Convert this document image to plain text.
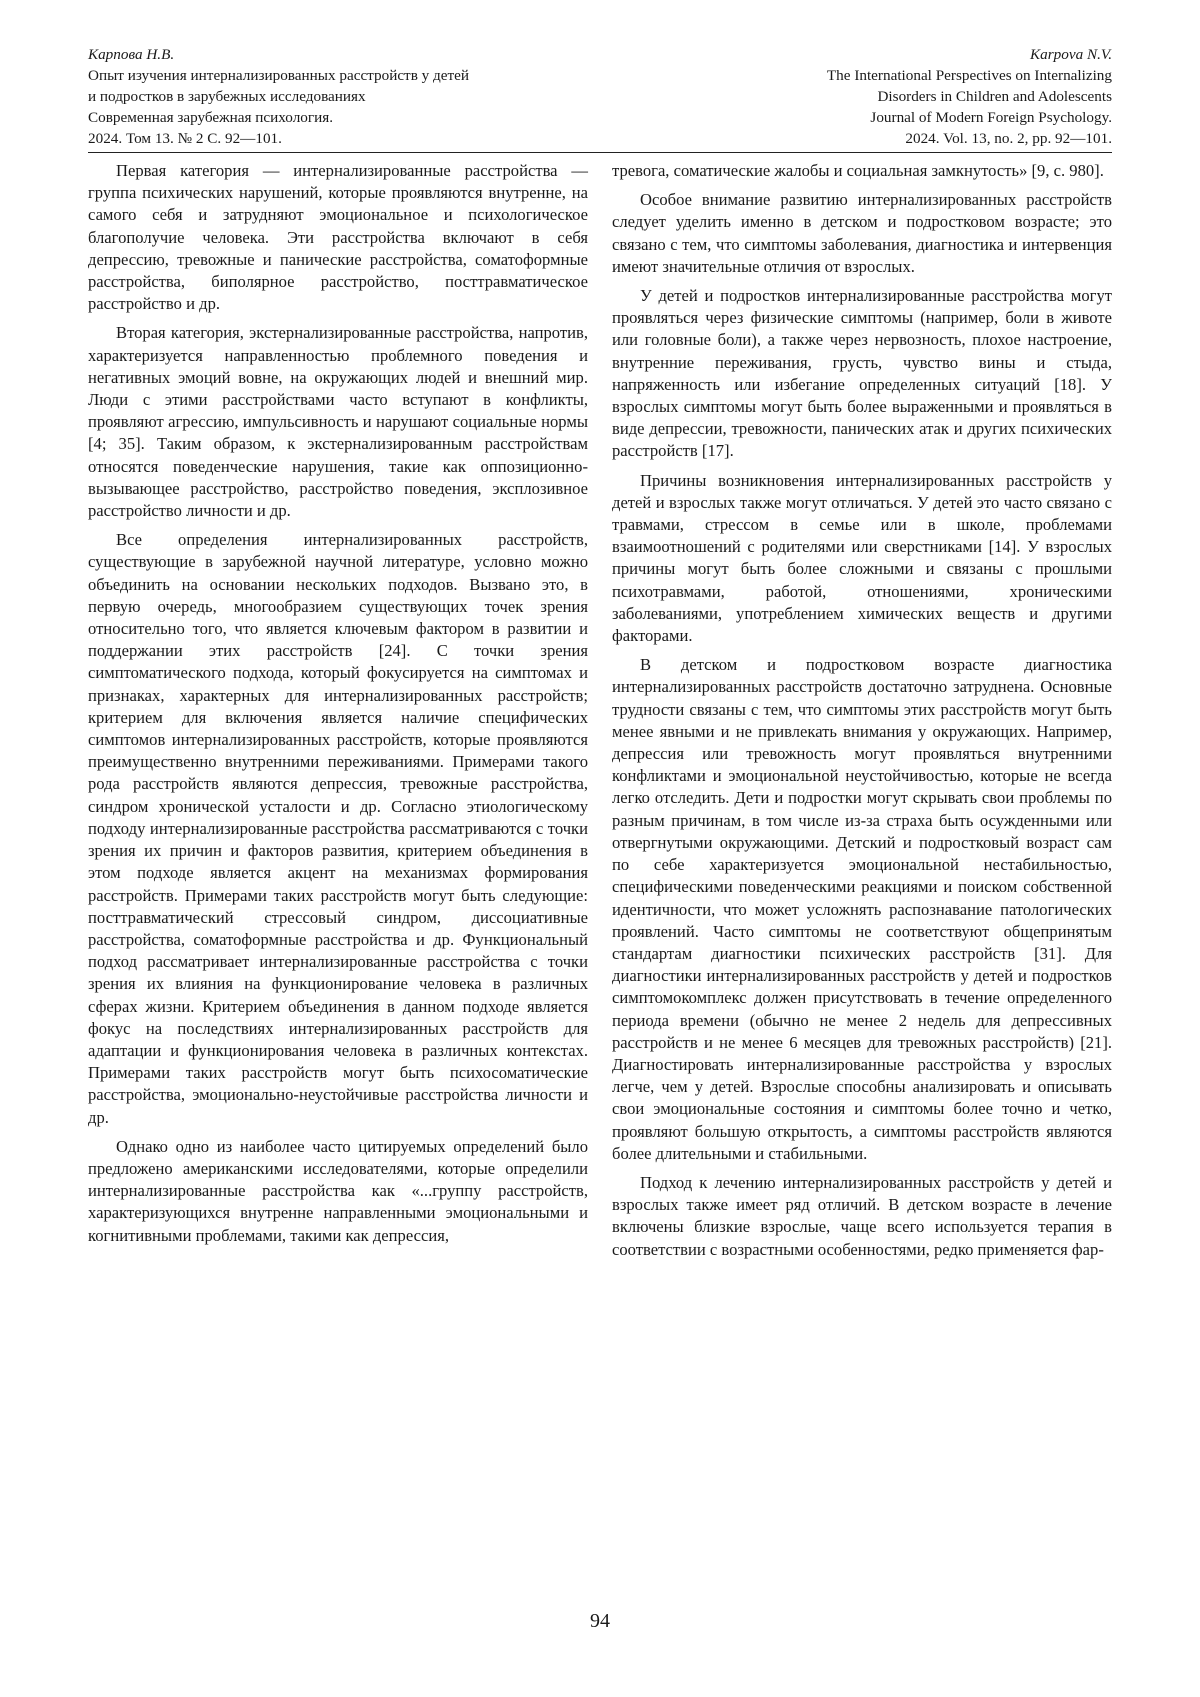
Карпова Н.В.
Опыт изучения интернализированных расстройств у детей
и подростков в зарубежных исследованиях
Современная зарубежная психология.
2024. Том 13. № 2 С. 92—101.
Karpova N.V.
The International Perspectives on Internalizing
Disorders in Children and Adolescents
Journal of Modern Foreign Psychology.
2024. Vol. 13, no. 2, pp. 92—101.

Первая категория — интернализированные расстройства — группа психических нарушений, которые проявляются внутренне, на самого себя и затрудняют эмоциональное и психологическое благополучие человека. Эти расстройства включают в себя депрессию, тревожные и панические расстройства, соматоформные расстройства, биполярное расстройство, посттравматическое расстройство и др.

Вторая категория, экстернализированные расстройства, напротив, характеризуется направленностью проблемного поведения и негативных эмоций вовне, на окружающих людей и внешний мир. Люди с этими расстройствами часто вступают в конфликты, проявляют агрессию, импульсивность и нарушают социальные нормы [4; 35]. Таким образом, к экстернализированным расстройствам относятся поведенческие нарушения, такие как оппозиционно-вызывающее расстройство, расстройство поведения, эксплозивное расстройство личности и др.

Все определения интернализированных расстройств, существующие в зарубежной научной литературе, условно можно объединить на основании нескольких подходов. Вызвано это, в первую очередь, многообразием существующих точек зрения относительно того, что является ключевым фактором в развитии и поддержании этих расстройств [24]. С точки зрения симптоматического подхода, который фокусируется на симптомах и признаках, характерных для интернализированных расстройств; критерием для включения является наличие специфических симптомов интернализированных расстройств, которые проявляются преимущественно внутренними переживаниями. Примерами такого рода расстройств являются депрессия, тревожные расстройства, синдром хронической усталости и др. Согласно этиологическому подходу интернализированные расстройства рассматриваются с точки зрения их причин и факторов развития, критерием объединения в этом подходе является акцент на механизмах формирования расстройств. Примерами таких расстройств могут быть следующие: посттравматический стрессовый синдром, диссоциативные расстройства, соматоформные расстройства и др. Функциональный подход рассматривает интернализированные расстройства с точки зрения их влияния на функционирование человека в различных сферах жизни. Критерием объединения в данном подходе является фокус на последствиях интернализированных расстройств для адаптации и функционирования человека в различных контекстах. Примерами таких расстройств могут быть психосоматические расстройства, эмоционально-неустойчивые расстройства личности и др.

Однако одно из наиболее часто цитируемых определений было предложено американскими исследователями, которые определили интернализированные расстройства как «...группу расстройств, характеризующихся внутренне направленными эмоциональными и когнитивными проблемами, такими как депрессия,

тревога, соматические жалобы и социальная замкнутость» [9, с. 980].

Особое внимание развитию интернализированных расстройств следует уделить именно в детском и подростковом возрасте; это связано с тем, что симптомы заболевания, диагностика и интервенция имеют значительные отличия от взрослых.

У детей и подростков интернализированные расстройства могут проявляться через физические симптомы (например, боли в животе или головные боли), а также через нервозность, плохое настроение, внутренние переживания, грусть, чувство вины и стыда, напряженность или избегание определенных ситуаций [18]. У взрослых симптомы могут быть более выраженными и проявляться в виде депрессии, тревожности, панических атак и других психических расстройств [17].

Причины возникновения интернализированных расстройств у детей и взрослых также могут отличаться. У детей это часто связано с травмами, стрессом в семье или в школе, проблемами взаимоотношений с родителями или сверстниками [14]. У взрослых причины могут быть более сложными и связаны с прошлыми психотравмами, работой, отношениями, хроническими заболеваниями, употреблением химических веществ и другими факторами.

В детском и подростковом возрасте диагностика интернализированных расстройств достаточно затруднена. Основные трудности связаны с тем, что симптомы этих расстройств могут быть менее явными и не привлекать внимания у окружающих. Например, депрессия или тревожность могут проявляться внутренними конфликтами и эмоциональной неустойчивостью, которые не всегда легко отследить. Дети и подростки могут скрывать свои проблемы по разным причинам, в том числе из-за страха быть осужденными или отвергнутыми окружающими. Детский и подростковый возраст сам по себе характеризуется эмоциональной нестабильностью, специфическими поведенческими реакциями и поиском собственной идентичности, что может усложнять распознавание патологических проявлений. Часто симптомы не соответствуют общепринятым стандартам диагностики психических расстройств [31]. Для диагностики интернализированных расстройств у детей и подростков симптомокомплекс должен присутствовать в течение определенного периода времени (обычно не менее 2 недель для депрессивных расстройств и не менее 6 месяцев для тревожных расстройств) [21]. Диагностировать интернализированные расстройства у взрослых легче, чем у детей. Взрослые способны анализировать и описывать свои эмоциональные состояния и симптомы более точно и четко, проявляют большую открытость, а симптомы расстройств являются более длительными и стабильными.

Подход к лечению интернализированных расстройств у детей и взрослых также имеет ряд отличий. В детском возрасте в лечение включены близкие взрослые, чаще всего используется терапия в соответствии с возрастными особенностями, редко применяется фар-

94
